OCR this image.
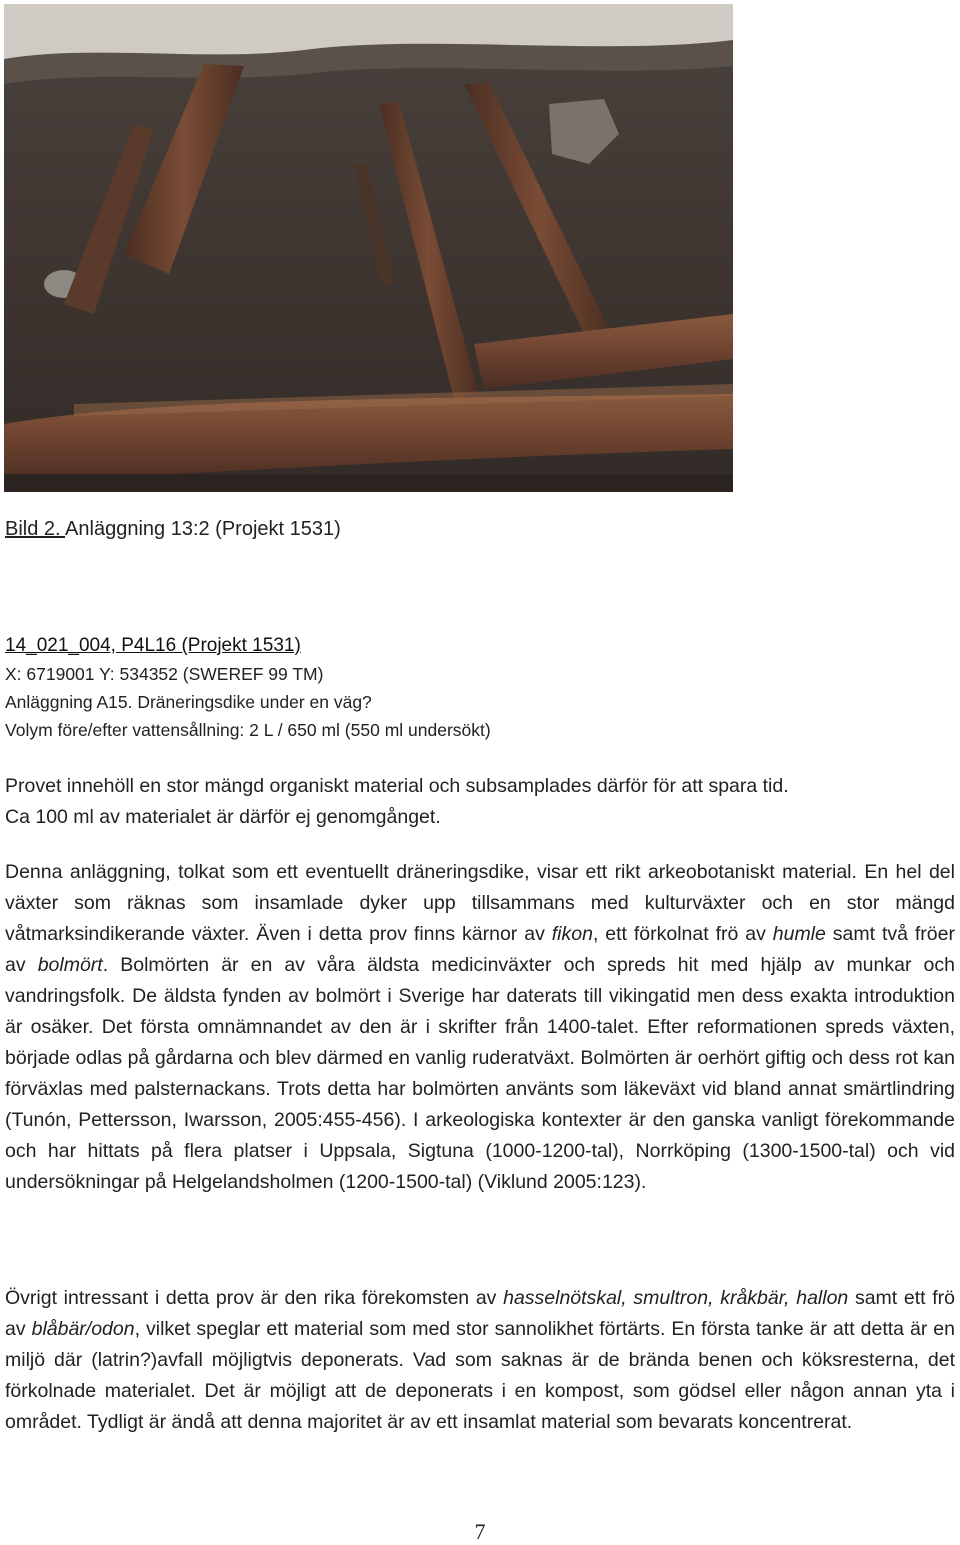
Bild 2. Anläggning 13:2 (Projekt 1531)
14_021_004, P4L16 (Projekt 1531)
X: 6719001 Y: 534352 (SWEREF 99 TM)
Anläggning A15. Dräneringsdike under en väg?
Volym före/efter vattensållning: 2 L / 650 ml (550 ml undersökt)
Provet innehöll en stor mängd organiskt material och subsamplades därför för att spara tid.
Ca 100 ml av materialet är därför ej genomgånget.

Denna anläggning, tolkat som ett eventuellt dräneringsdike, visar ett rikt arkeobotaniskt material. En hel del växter som räknas som insamlade dyker upp tillsammans med kulturväxter och en stor mängd våtmarksindikerande växter. Även i detta prov finns kärnor av fikon, ett förkolnat frö av humle samt två fröer av bolmört. Bolmörten är en av våra äldsta medicinväxter och spreds hit med hjälp av munkar och vandringsfolk. De äldsta fynden av bolmört i Sverige har daterats till vikingatid men dess exakta introduktion är osäker. Det första omnämnandet av den är i skrifter från 1400-talet. Efter reformationen spreds växten, började odlas på gårdarna och blev därmed en vanlig ruderatväxt. Bolmörten är oerhört giftig och dess rot kan förväxlas med palsternackans. Trots detta har bolmörten använts som läkeväxt vid bland annat smärtlindring (Tunón, Pettersson, Iwarsson, 2005:455-456). I arkeologiska kontexter är den ganska vanligt förekommande och har hittats på flera platser i Uppsala, Sigtuna (1000-1200-tal), Norrköping (1300-1500-tal) och vid undersökningar på Helgelandsholmen (1200-1500-tal) (Viklund 2005:123).

Övrigt intressant i detta prov är den rika förekomsten av hasselnötskal, smultron, kråkbär, hallon samt ett frö av blåbär/odon, vilket speglar ett material som med stor sannolikhet förtärts. En första tanke är att detta är en miljö där (latrin?)avfall möjligtvis deponerats. Vad som saknas är de brända benen och köksresterna, det förkolnade materialet. Det är möjligt att de deponerats i en kompost, som gödsel eller någon annan yta i området. Tydligt är ändå att denna majoritet är av ett insamlat material som bevarats koncentrerat.

7
